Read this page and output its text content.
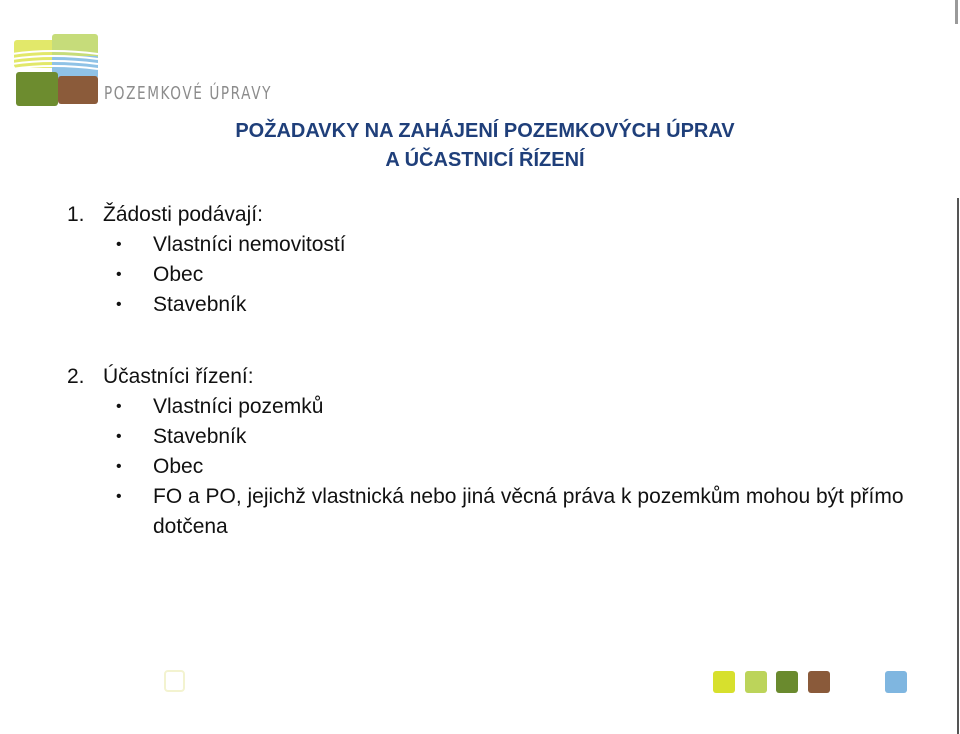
POZEMKOVÉ ÚPRAVY
POŽADAVKY NA ZAHÁJENÍ POZEMKOVÝCH ÚPRAV
A ÚČASTNICÍ ŘÍZENÍ
1. Žádosti podávají:
• Vlastníci nemovitostí
• Obec
• Stavebník
2. Účastníci řízení:
• Vlastníci pozemků
• Stavebník
• Obec
• FO a PO, jejichž vlastnická nebo jiná věcná práva k pozemkům mohou být přímo dotčena
